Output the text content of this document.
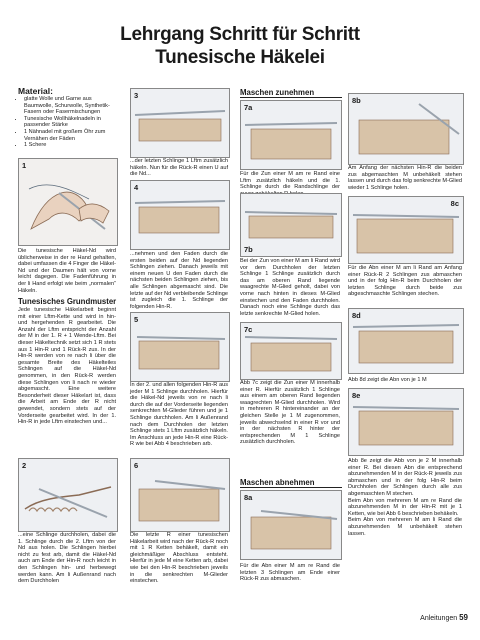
Lehrgang Schritt für Schritt
Tunesische Häkelei
Material:
• glatte Wolle und Garne aus Baumwolle, Schurwolle, Synthetik-Fasern oder Fasermischungen
• Tunesische Wollhäkelnadeln in passender Stärke
• 1 Nähnadel mit großem Öhr zum Vernähen der Fäden
• 1 Schere
1
Die tunesische Häkel-Nd wird üblicherweise in der re Hand gehalten, dabei umfassen die 4 Finger die Häkel-Nd und der Daumen hält von vorne leicht dagegen. Die Fadenführung in der li Hand erfolgt wie beim „normalen“ Häkeln.
Tunesisches Grundmuster
Jede tunesische Häkelarbeit beginnt mit einer Lftm-Kette und wird in hin- und hergehenden R gearbeitet. Die Anzahl der Lftm entspricht der Anzahl der M in der 1. R + 1 Wende-Lftm. Bei dieser Häkeltechnik setzt sich 1 R stets aus 1 Hin-R und 1 Rück-R zus. In der Hin-R werden von re nach li über die gesamte Breite des Häkelteiles Schlingen auf die Häkel-Nd genommen, in den Rück-R werden diese Schlingen von li nach re wieder abgemascht. Eine weitere Besonderheit dieser Häkelart ist, dass die Arbeit am Ende der R nicht gewendet, sondern stets auf der Vorderseite gearbeitet wird. In der 1. Hin-R in jede Lftm einstechen und...
2
...eine Schlinge durchholen, dabei die 1. Schlinge durch die 2. Lftm von der Nd aus holen. Die Schlingen hierbei nicht zu fest arb, damit die Häkel-Nd auch am Ende der Hin-R noch leicht in den Schlingen hin- und herbewegt werden kann. Am li Außenrand nach dem Durchholen
3
...der letzten Schlinge 1 Lftm zusätzlich häkeln. Nun für die Rück-R einen U auf die Nd...
4
...nehmen und den Faden durch die ersten beiden auf der Nd liegenden Schlingen ziehen. Danach jeweils mit einem neuen U den Faden durch die nächsten beiden Schlingen ziehen, bis alle Schlingen abgemascht sind. Die letzte auf der Nd verbleibende Schlinge ist zugleich die 1. Schlinge der folgenden Hin-R.
5
In der 2. und allen folgenden Hin-R aus jeder M 1 Schlinge durchholen. Hierfür die Häkel-Nd jeweils von re nach li durch die auf der Vorderseite liegenden senkrechten M-Glieder führen und je 1 Schlinge durchholen. Am li Außenrand nach dem Durchholen der letzten Schlinge stets 1 Lftm zusätzlich häkeln. Im Anschluss an jede Hin-R eine Rück-R wie bei Abb 4 beschrieben arb.
6
Die letzte R einer tunesischen Häkelarbeit wird nach der Rück-R noch mit 1 R Ketten behäkelt, damit ein gleichmäßiger Abschluss entsteht. Hierfür in jede M eine Ketten arb, dabei wie bei den Hin-R beschrieben jeweils in die senkrechten M-Glieder einstechen.
Maschen zunehmen
7a
Für die Zun einer M am re Rand eine Lftm zusätzlich häkeln und die 1. Schlinge durch die Randschlinge der
7b
Bei der Zun von einer M am li Rand wird vor dem Durchholen der letzten Schlinge 1 Schlinge zusätzlich durch das am oberen Rand liegende waagrechte M-Glied geholt, dabei von vorne nach hinten in dieses M-Glied einstechen und den Faden durchholen. Danach noch eine Schlinge durch das letzte senkrechte M-Glied holen.
7c
Abb 7c zeigt die Zun einer M innerhalb einer R. Hierfür zusätzlich 1 Schlinge aus einem am oberen Rand liegenden waagrechten M-Glied durchholen. Wird in mehreren R hintereinander an der gleichen Stelle je 1 M zugenommen, jeweils abwechselnd in einer R vor und in der nächsten R hinter der entsprechenden M 1 Schlinge zusätzlich durchholen.
Maschen abnehmen
8a
Für die Abn einer M am re Rand die letzten 3 Schlingen am Ende einer Rück-R zus abmaschen.
8b
Am Anfang der nächsten Hin-R die beiden zus abgemaschten M unbehäkelt stehen lassen und durch das folg senkrechte M-Glied wieder 1 Schlinge holen.
8c
Für die Abn einer M am li Rand am Anfang einer Rück-R 2 Schlingen zus abmaschen und in der folg Hin-R beim Durchholen der letzten Schlinge durch beide zus abgeschmaschte Schlingen stechen.
8d
Abb 8d zeigt die Abn von je 1 M
8e
Abb 8e zeigt die Abb von je 2 M innerhalb einer R. Bei diesen Abn die entsprechend abzunehmenden M in der Rück-R jeweils zus abmaschen und in der folg Hin-R beim Durchholen der Schlingen durch alle zus abgemaschten M stechen.
Beim Abn von mehreren M am re Rand die abzunehmenden M in der Hin-R mit je 1 Ketten, wie bei Abb 6 beschrieben behäkeln.
Beim Abn von mehreren M am li Rand die abzunehmenden M unbehäkelt stehen lassen.
Anleitungen 59
